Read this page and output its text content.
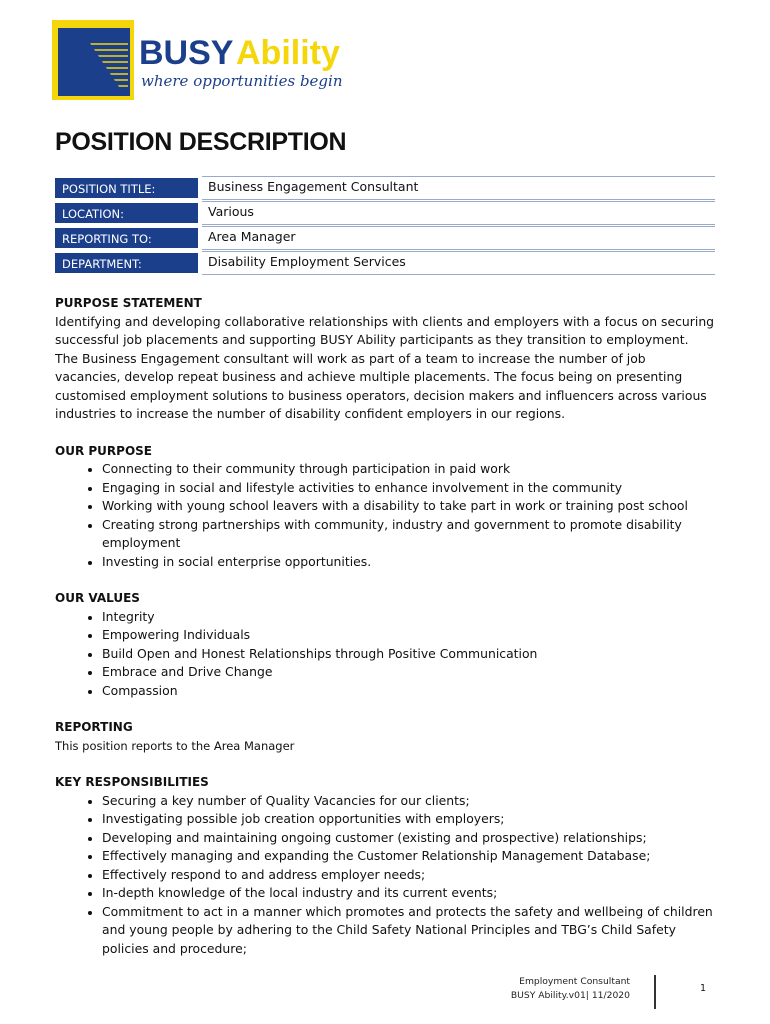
BUSY Ability
where opportunities begin
POSITION DESCRIPTION
POSITION TITLE:	Business Engagement Consultant
LOCATION:	Various
REPORTING TO:	Area Manager
DEPARTMENT:	Disability Employment Services
PURPOSE STATEMENT

Identifying and developing collaborative relationships with clients and employers with a focus on securing successful job placements and supporting BUSY Ability participants as they transition to employment. The Business Engagement consultant will work as part of a team to increase the number of job vacancies, develop repeat business and achieve multiple placements. The focus being on presenting customised employment solutions to business operators, decision makers and influencers across various industries to increase the number of disability confident employers in our regions.

OUR PURPOSE
• Connecting to their community through participation in paid work
• Engaging in social and lifestyle activities to enhance involvement in the community
• Working with young school leavers with a disability to take part in work or training post school
• Creating strong partnerships with community, industry and government to promote disability employment
• Investing in social enterprise opportunities.
OUR VALUES
• Integrity
• Empowering Individuals
• Build Open and Honest Relationships through Positive Communication
• Embrace and Drive Change
• Compassion
REPORTING
This position reports to the Area Manager
KEY RESPONSIBILITIES
• Securing a key number of Quality Vacancies for our clients;
• Investigating possible job creation opportunities with employers;
• Developing and maintaining ongoing customer (existing and prospective) relationships;
• Effectively managing and expanding the Customer Relationship Management Database;
• Effectively respond to and address employer needs;
• In-depth knowledge of the local industry and its current events;
• Commitment to act in a manner which promotes and protects the safety and wellbeing of children and young people by adhering to the Child Safety National Principles and TBG’s Child Safety policies and procedure;
Employment Consultant
BUSY Ability.v01| 11/2020
1
